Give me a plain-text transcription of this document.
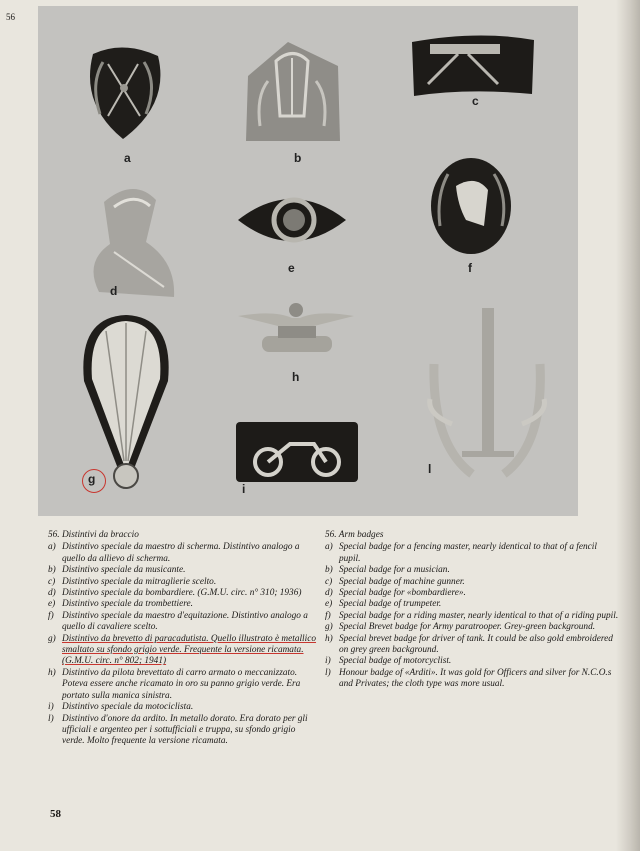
56
a	b
c
d
e	f
g
h
i
l
56. Distintivi da braccio
a) Distintivo speciale da maestro di scherma. Distintivo analogo a quello da allievo di scherma.
b) Distintivo speciale da musicante.
c) Distintivo speciale da mitraglierie scelto.
d) Distintivo speciale da bombardiere. (G.M.U. circ. n° 310; 1936)
e) Distintivo speciale da trombettiere.
f) Distintivo speciale da maestro d'equitazione. Distintivo analogo a quello di cavaliere scelto.
g) Distintivo da brevetto di paracadutista. Quello illustrato è metallico smaltato su sfondo grigio verde. Frequente la versione ricamata. (G.M.U. circ. n° 802; 1941)
h) Distintivo da pilota brevettato di carro armato o meccanizzato. Poteva essere anche ricamato in oro su panno grigio verde. Era portato sulla manica sinistra.
i) Distintivo speciale da motociclista.
l) Distintivo d'onore da ardito. In metallo dorato. Era dorato per gli ufficiali e argenteo per i sottufficiali e truppa, su sfondo grigio verde. Molto frequente la versione ricamata.
56. Arm badges
a) Special badge for a fencing master, nearly identical to that of a fencil pupil.
b) Special badge for a musician.
c) Special badge of machine gunner.
d) Special badge for «bombardiere».
e) Special badge of trumpeter.
f) Special badge for a riding master, nearly identical to that of a riding pupil.
g) Special Brevet badge for Army paratrooper. Grey-green background.
h) Special brevet badge for driver of tank. It could be also gold embroidered on grey green background.
i) Special badge of motorcyclist.
l) Honour badge of «Arditi». It was gold for Officers and silver for N.C.O.s and Privates; the cloth type was more usual.
58
